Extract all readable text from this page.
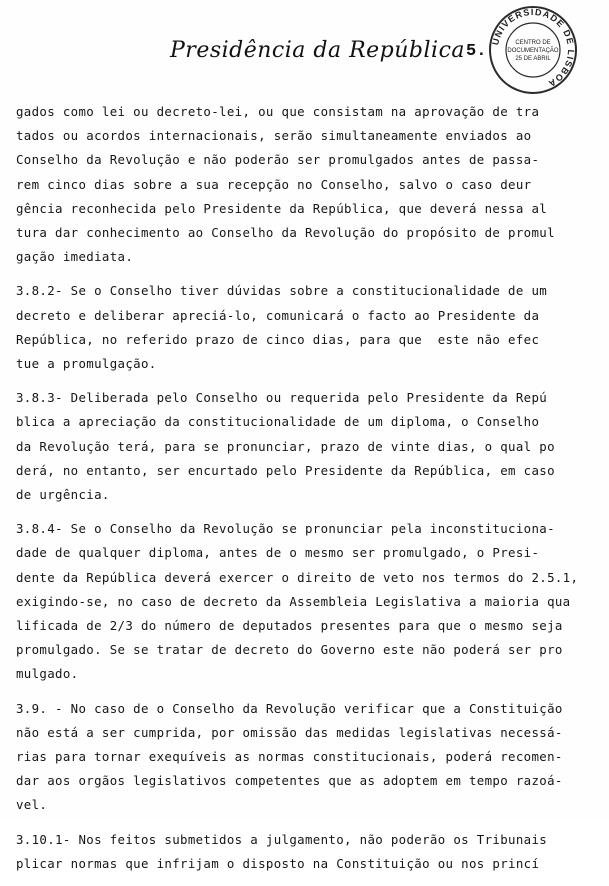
Presidência da República 5.
UNIVERSIDADE DE LISBOA
CENTRO DE
DOCUMENTAÇÃO
25 DE ABRIL
gados como lei ou decreto-lei, ou que consistam na aprovação de tra
tados ou acordos internacionais, serão simultaneamente enviados ao
Conselho da Revolução e não poderão ser promulgados antes de passa-
rem cinco dias sobre a sua recepção no Conselho, salvo o caso deur
gência reconhecida pelo Presidente da República, que deverá nessa al
tura dar conhecimento ao Conselho da Revolução do propósito de promul
gação imediata.
3.8.2- Se o Conselho tiver dúvidas sobre a constitucionalidade de um
decreto e deliberar apreciá-lo, comunicará o facto ao Presidente da
República, no referido prazo de cinco dias, para que  este não efec
tue a promulgação.
3.8.3- Deliberada pelo Conselho ou requerida pelo Presidente da Repú
blica a apreciação da constitucionalidade de um diploma, o Conselho
da Revolução terá, para se pronunciar, prazo de vinte dias, o qual po
derá, no entanto, ser encurtado pelo Presidente da República, em caso
de urgência.
3.8.4- Se o Conselho da Revolução se pronunciar pela inconstituciona-
dade de qualquer diploma, antes de o mesmo ser promulgado, o Presi-
dente da República deverá exercer o direito de veto nos termos do 2.5.1,
exigindo-se, no caso de decreto da Assembleia Legislativa a maioria qua
lificada de 2/3 do número de deputados presentes para que o mesmo seja
promulgado. Se se tratar de decreto do Governo este não poderá ser pro
mulgado.
3.9. - No caso de o Conselho da Revolução verificar que a Constituição
não está a ser cumprida, por omissão das medidas legislativas necessá-
rias para tornar exequíveis as normas constitucionais, poderá recomen-
dar aos orgãos legislativos competentes que as adoptem em tempo razoá-
vel.
3.10.1- Nos feitos submetidos a julgamento, não poderão os Tribunais
plicar normas que infrijam o disposto na Constituição ou nos princí
